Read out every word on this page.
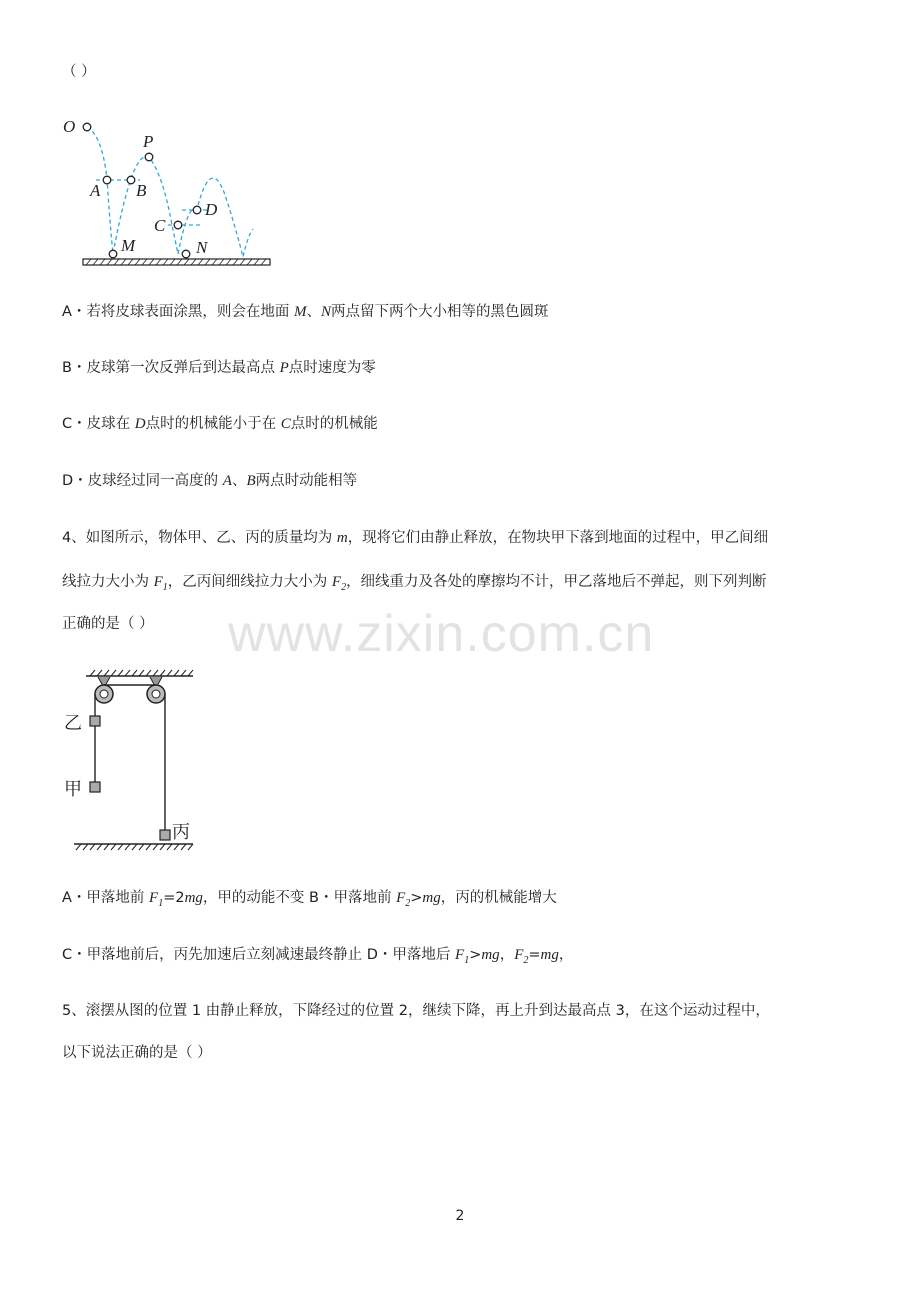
（ ）
O
P
A B
C
D
M	N
A・若将皮球表面涂黑，则会在地面 M、N两点留下两个大小相等的黑色圆斑
B・皮球第一次反弹后到达最高点 P点时速度为零
C・皮球在 D点时的机械能小于在 C点时的机械能
D・皮球经过同一高度的 A、B两点时动能相等
4、如图所示，物体甲、乙、丙的质量均为 m，现将它们由静止释放，在物块甲下落到地面的过程中，甲乙间细
线拉力大小为 $F_1$，乙丙间细线拉力大小为 $F_2$，细线重力及各处的摩擦均不计，甲乙落地后不弹起，则下列判断
正确的是（ ） www.zixin.com.cn
乙
甲
丙
A・甲落地前 $F_1=2mg$，甲的动能不变 B・甲落地前 $F_2>mg$，丙的机械能增大
C・甲落地前后，丙先加速后立刻减速最终静止 D・甲落地后 $F_1>mg$，$F_2=mg$，
5、滚摆从图的位置 1 由静止释放，下降经过的位置 2，继续下降，再上升到达最高点 3，在这个运动过程中，
以下说法正确的是（ ）
2
